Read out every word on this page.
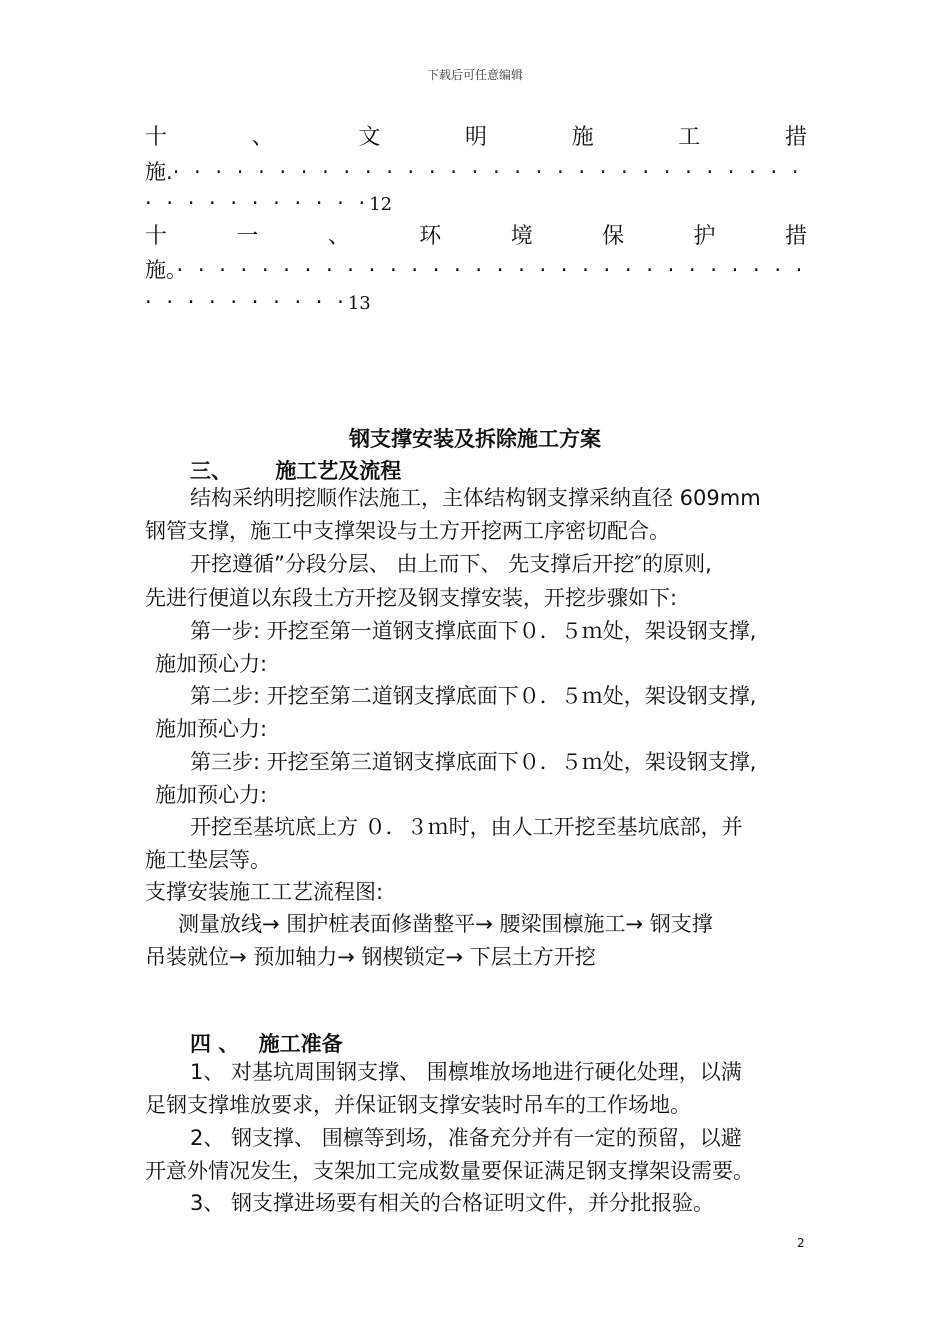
下载后可任意编辑
十	、	文	明	施	工	措
施.· · · · · · · · · · · · · · · · · · · · · · · · · · · · · ·
· · · · · · · · · · ·12
十	一	、	环	境	保	护	措
施。· · · · · · · · · · · · · · · · · · · · · · · · · · · · · ·
· · · · · · · · · ·13
钢支撑安装及拆除施工方案
三、 施工艺及流程
结构采纳明挖顺作法施工，主体结构钢支撑采纳直径 609mm
钢管支撑，施工中支撑架设与土方开挖两工序密切配合。
开挖遵循”分段分层、 由上而下、 先支撑后开挖″的原则,
先进行便道以东段土方开挖及钢支撑安装，开挖步骤如下:
第一步: 开挖至第一道钢支撑底面下０．５ｍ处，架设钢支撑,
施加预心力:
第二步: 开挖至第二道钢支撑底面下０．５ｍ处，架设钢支撑,
施加预心力:
第三步: 开挖至第三道钢支撑底面下０．５ｍ处，架设钢支撑,
施加预心力:
开挖至基坑底上方 ０．３ｍ时，由人工开挖至基坑底部，并
施工垫层等。
支撑安装施工工艺流程图:
测量放线→ 围护桩表面修凿整平→ 腰梁围檩施工→ 钢支撑
吊装就位→ 预加轴力→ 钢楔锁定→ 下层土方开挖
四 、 施工准备
1、 对基坑周围钢支撑、 围檩堆放场地进行硬化处理，以满
足钢支撑堆放要求，并保证钢支撑安装时吊车的工作场地。
2、 钢支撑、 围檩等到场，准备充分并有一定的预留，以避
开意外情况发生，支架加工完成数量要保证满足钢支撑架设需要。
3、 钢支撑进场要有相关的合格证明文件，并分批报验。
2
